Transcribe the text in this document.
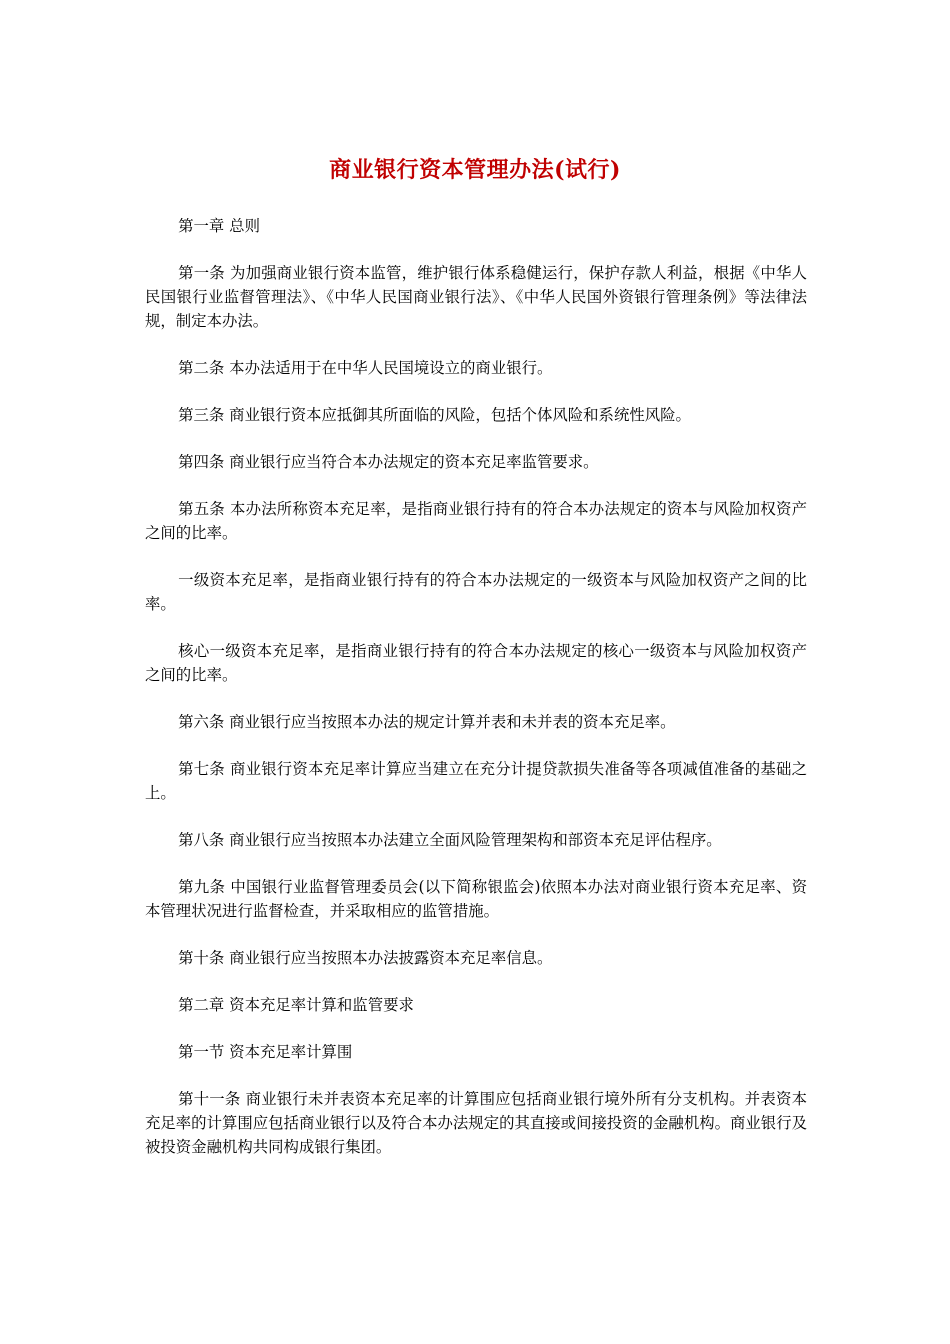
商业银行资本管理办法(试行)

第一章 总则

第一条 为加强商业银行资本监管，维护银行体系稳健运行，保护存款人利益，根据《中华人民国银行业监督管理法》、《中华人民国商业银行法》、《中华人民国外资银行管理条例》等法律法规，制定本办法。

第二条 本办法适用于在中华人民国境设立的商业银行。

第三条 商业银行资本应抵御其所面临的风险，包括个体风险和系统性风险。

第四条 商业银行应当符合本办法规定的资本充足率监管要求。

第五条 本办法所称资本充足率，是指商业银行持有的符合本办法规定的资本与风险加权资产之间的比率。

一级资本充足率，是指商业银行持有的符合本办法规定的一级资本与风险加权资产之间的比率。

核心一级资本充足率，是指商业银行持有的符合本办法规定的核心一级资本与风险加权资产之间的比率。

第六条 商业银行应当按照本办法的规定计算并表和未并表的资本充足率。

第七条 商业银行资本充足率计算应当建立在充分计提贷款损失准备等各项减值准备的基础之上。

第八条 商业银行应当按照本办法建立全面风险管理架构和部资本充足评估程序。

第九条 中国银行业监督管理委员会(以下简称银监会)依照本办法对商业银行资本充足率、资本管理状况进行监督检查，并采取相应的监管措施。

第十条 商业银行应当按照本办法披露资本充足率信息。

第二章 资本充足率计算和监管要求

第一节 资本充足率计算围

第十一条 商业银行未并表资本充足率的计算围应包括商业银行境外所有分支机构。并表资本充足率的计算围应包括商业银行以及符合本办法规定的其直接或间接投资的金融机构。商业银行及被投资金融机构共同构成银行集团。
